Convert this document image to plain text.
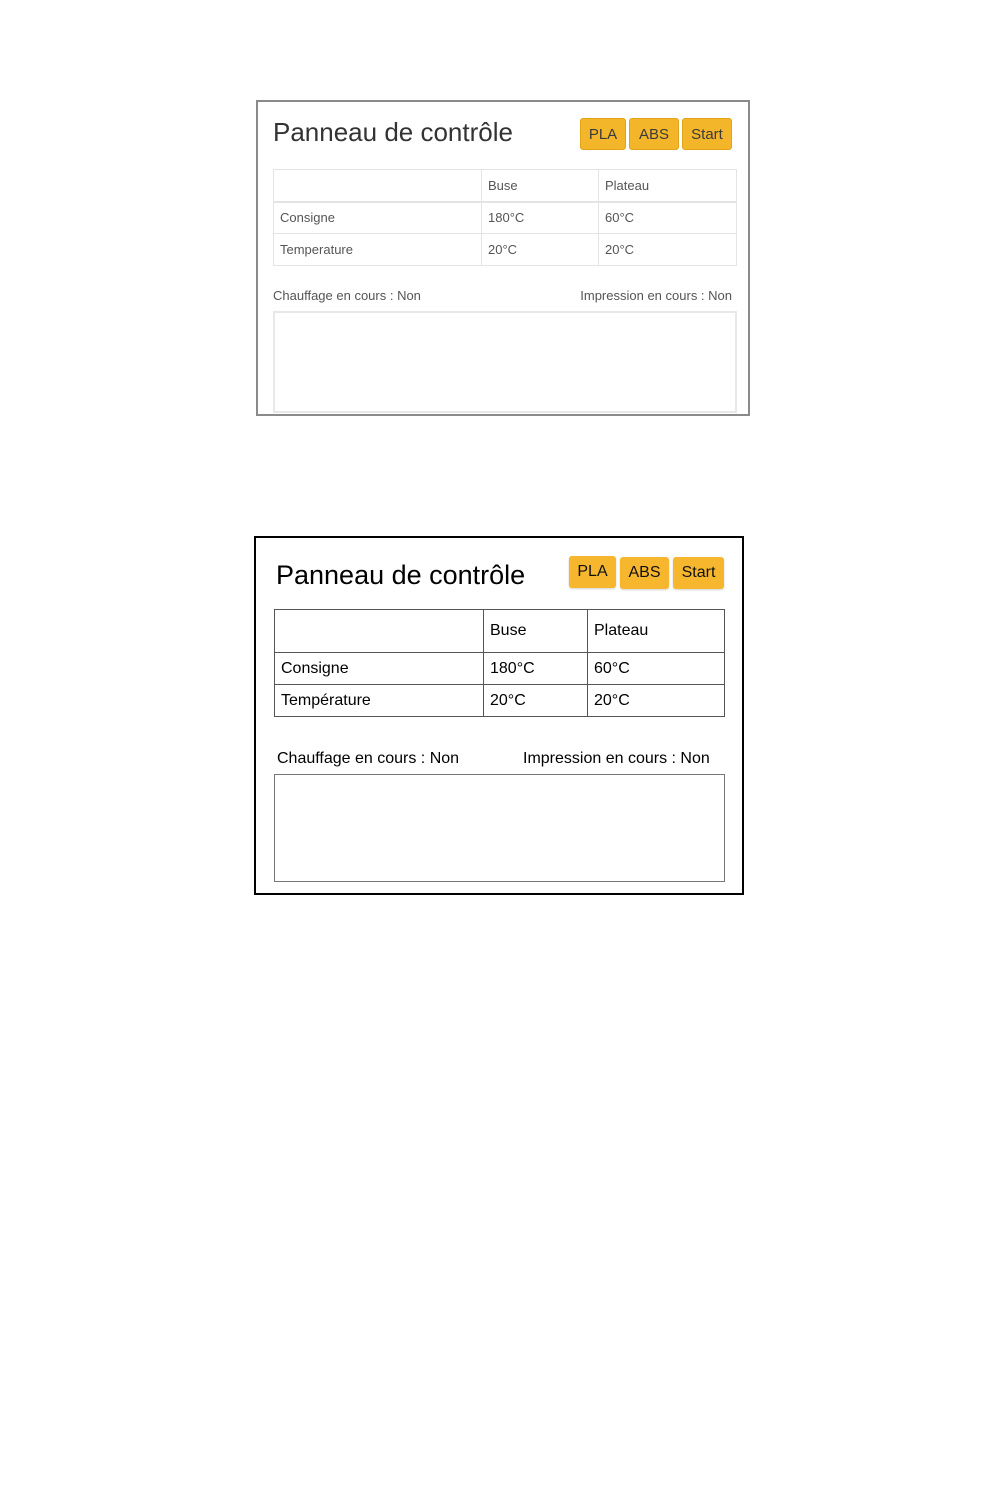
Panneau de contrôle	PLA	ABS	Start
	Buse	Plateau
Consigne	180°C	60°C
Temperature	20°C	20°C
Chauffage en cours : Non	Impression en cours : Non
Panneau de contrôle	PLA	ABS	Start
	Buse	Plateau
Consigne	180°C	60°C
Température	20°C	20°C
Chauffage en cours : Non	Impression en cours : Non
